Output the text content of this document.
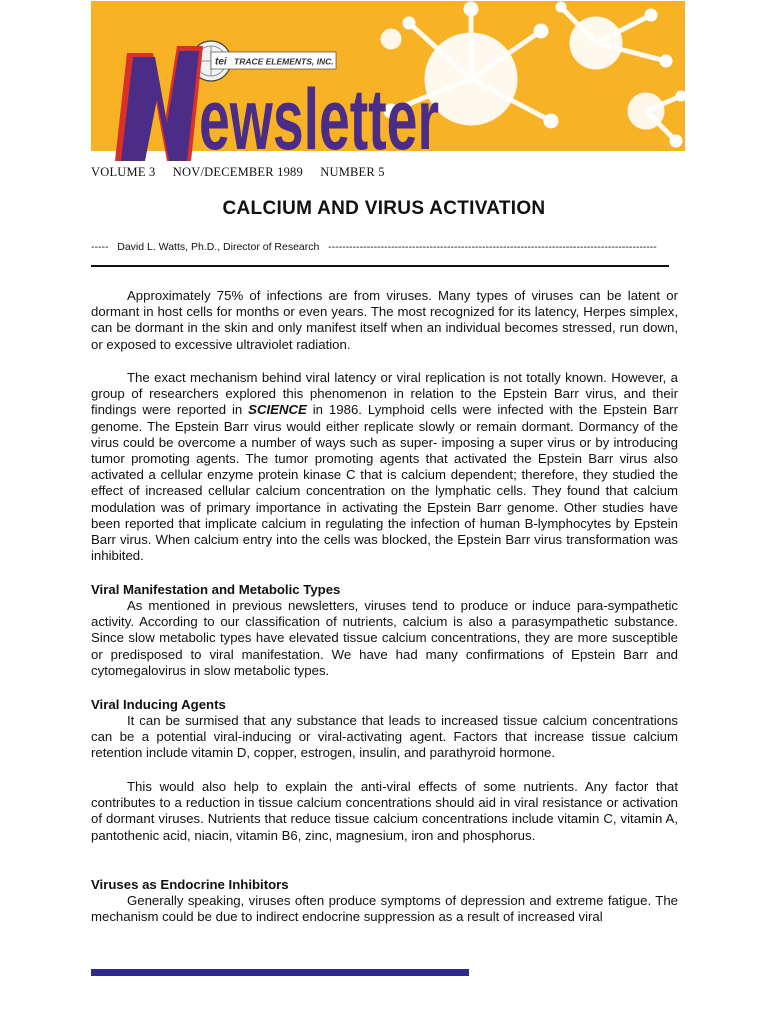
tei TRACE ELEMENTS, INC.
ewsletter
VOLUME 3 NOV/DECEMBER 1989 NUMBER 5
CALCIUM AND VIRUS ACTIVATION
----- David L. Watts, Ph.D., Director of Research ----------------------------------------------------------------------------------------------

Approximately 75% of infections are from viruses. Many types of viruses can be latent or dormant in host cells for months or even years. The most recognized for its latency, Herpes simplex, can be dormant in the skin and only manifest itself when an individual becomes stressed, run down, or exposed to excessive ultraviolet radiation.

The exact mechanism behind viral latency or viral replication is not totally known. However, a group of researchers explored this phenomenon in relation to the Epstein Barr virus, and their findings were reported in SCIENCE in 1986. Lymphoid cells were infected with the Epstein Barr genome. The Epstein Barr virus would either replicate slowly or remain dormant. Dormancy of the virus could be overcome a number of ways such as super- imposing a super virus or by introducing tumor promoting agents. The tumor promoting agents that activated the Epstein Barr virus also activated a cellular enzyme protein kinase C that is calcium dependent; therefore, they studied the effect of increased cellular calcium concentration on the lymphatic cells. They found that calcium modulation was of primary importance in activating the Epstein Barr genome. Other studies have been reported that implicate calcium in regulating the infection of human B-lymphocytes by Epstein Barr virus. When calcium entry into the cells was blocked, the Epstein Barr virus transformation was inhibited.

Viral Manifestation and Metabolic Types

As mentioned in previous newsletters, viruses tend to produce or induce para-sympathetic activity. According to our classification of nutrients, calcium is also a parasympathetic substance. Since slow metabolic types have elevated tissue calcium concentrations, they are more susceptible or predisposed to viral manifestation. We have had many confirmations of Epstein Barr and cytomegalovirus in slow metabolic types.

Viral Inducing Agents

It can be surmised that any substance that leads to increased tissue calcium concentrations can be a potential viral-inducing or viral-activating agent. Factors that increase tissue calcium retention include vitamin D, copper, estrogen, insulin, and parathyroid hormone.

This would also help to explain the anti-viral effects of some nutrients. Any factor that contributes to a reduction in tissue calcium concentrations should aid in viral resistance or activation of dormant viruses. Nutrients that reduce tissue calcium concentrations include vitamin C, vitamin A, pantothenic acid, niacin, vitamin B6, zinc, magnesium, iron and phosphorus.

Viruses as Endocrine Inhibitors

Generally speaking, viruses often produce symptoms of depression and extreme fatigue. The mechanism could be due to indirect endocrine suppression as a result of increased viral
